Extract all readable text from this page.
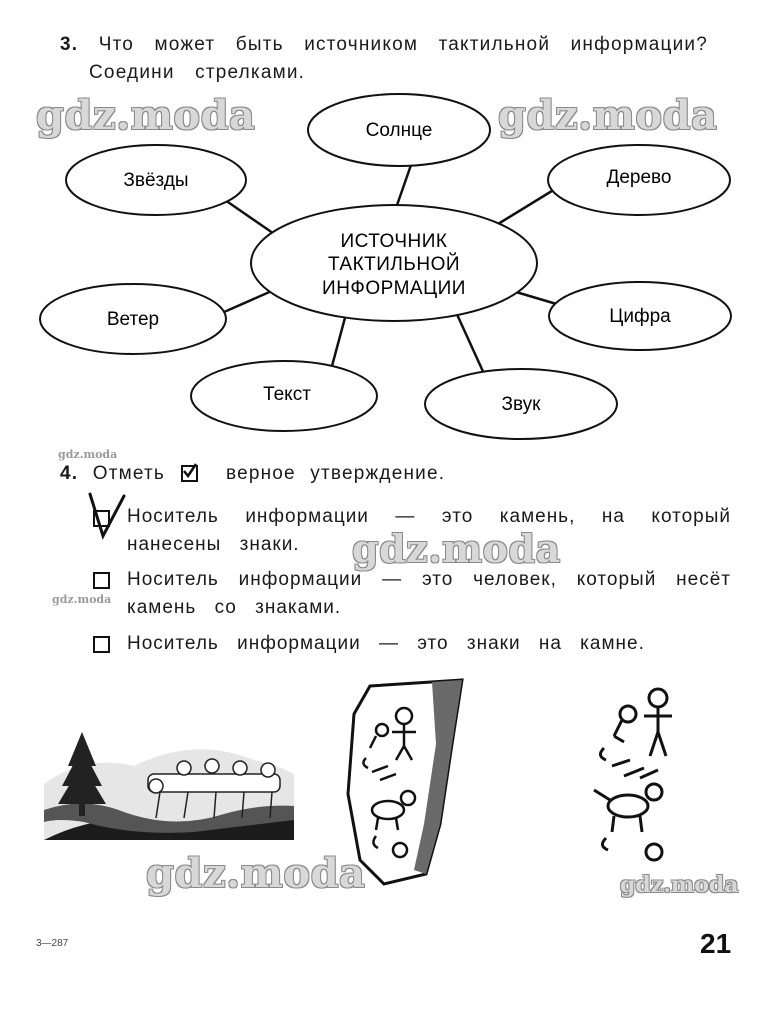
3. Что может быть источником тактильной информации?
Соедини стрелками.
Солнце
Звёзды	Дерево
Ветер	Цифра
Текст	Звук
ИСТОЧНИК
ТАКТИЛЬНОЙ
ИНФОРМАЦИИ
gdz.moda	gdz.moda
gdz.moda
4. Отметь	верное утверждение.
Носитель информации — это камень, на который
нанесены знаки.	gdz.moda
Носитель информации — это человек, который несёт
камень со знаками.
gdz.moda
Носитель информации — это знаки на камне.
gdz.moda	gdz.moda
3—287	21
